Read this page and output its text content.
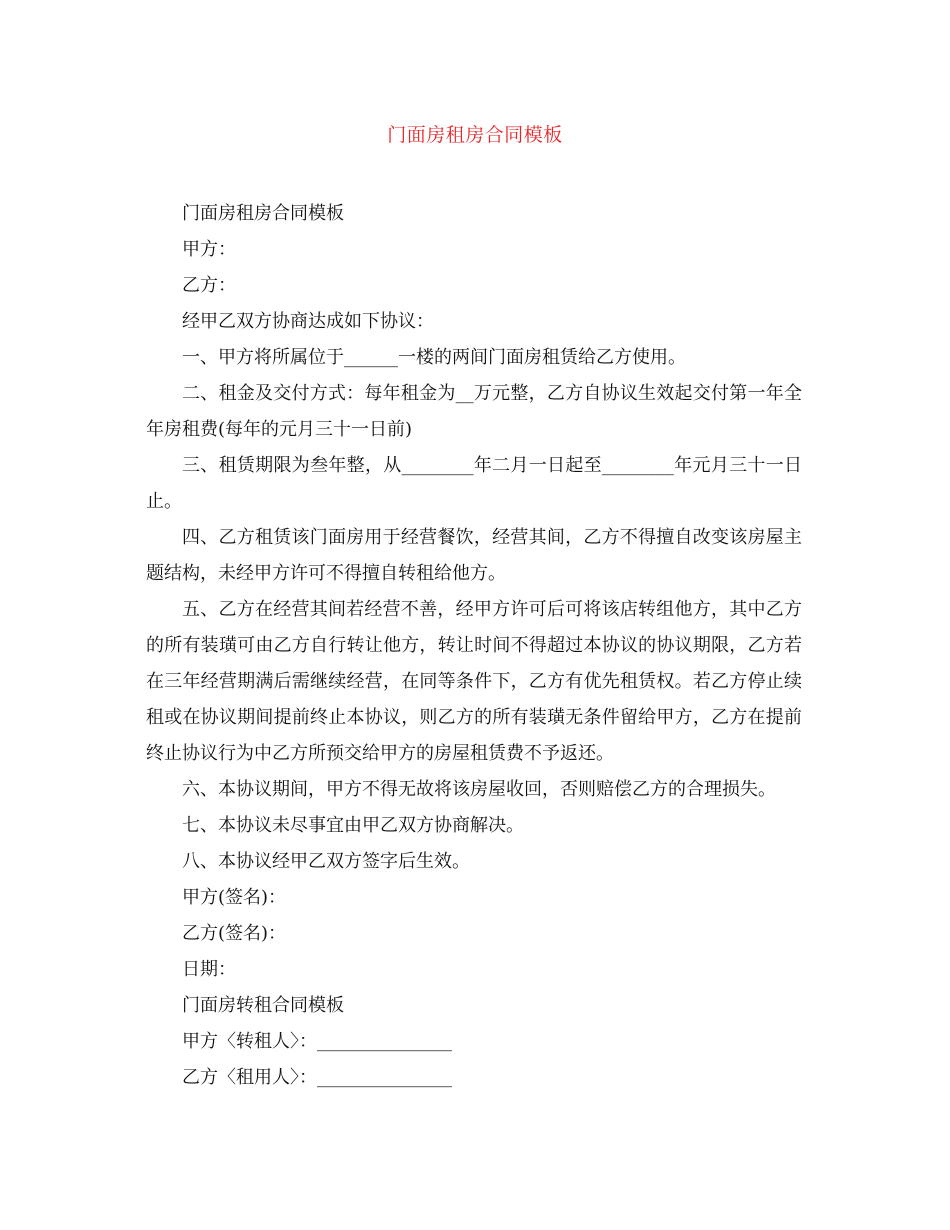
门面房租房合同模板

门面房租房合同模板

甲方：

乙方：

经甲乙双方协商达成如下协议：

一、甲方将所属位于______一楼的两间门面房租赁给乙方使用。

二、租金及交付方式：每年租金为__万元整，乙方自协议生效起交付第一年全年房租费(每年的元月三十一日前)

三、租赁期限为叁年整，从________年二月一日起至________年元月三十一日止。

四、乙方租赁该门面房用于经营餐饮，经营其间，乙方不得擅自改变该房屋主题结构，未经甲方许可不得擅自转租给他方。

五、乙方在经营其间若经营不善，经甲方许可后可将该店转组他方，其中乙方的所有装璜可由乙方自行转让他方，转让时间不得超过本协议的协议期限，乙方若在三年经营期满后需继续经营，在同等条件下，乙方有优先租赁权。若乙方停止续租或在协议期间提前终止本协议，则乙方的所有装璜无条件留给甲方，乙方在提前终止协议行为中乙方所预交给甲方的房屋租赁费不予返还。

六、本协议期间，甲方不得无故将该房屋收回，否则赔偿乙方的合理损失。

七、本协议未尽事宜由甲乙双方协商解决。

八、本协议经甲乙双方签字后生效。

甲方(签名)：

乙方(签名)：

日期：

门面房转租合同模板

甲方〈转租人〉：_______________

乙方〈租用人〉：_______________
